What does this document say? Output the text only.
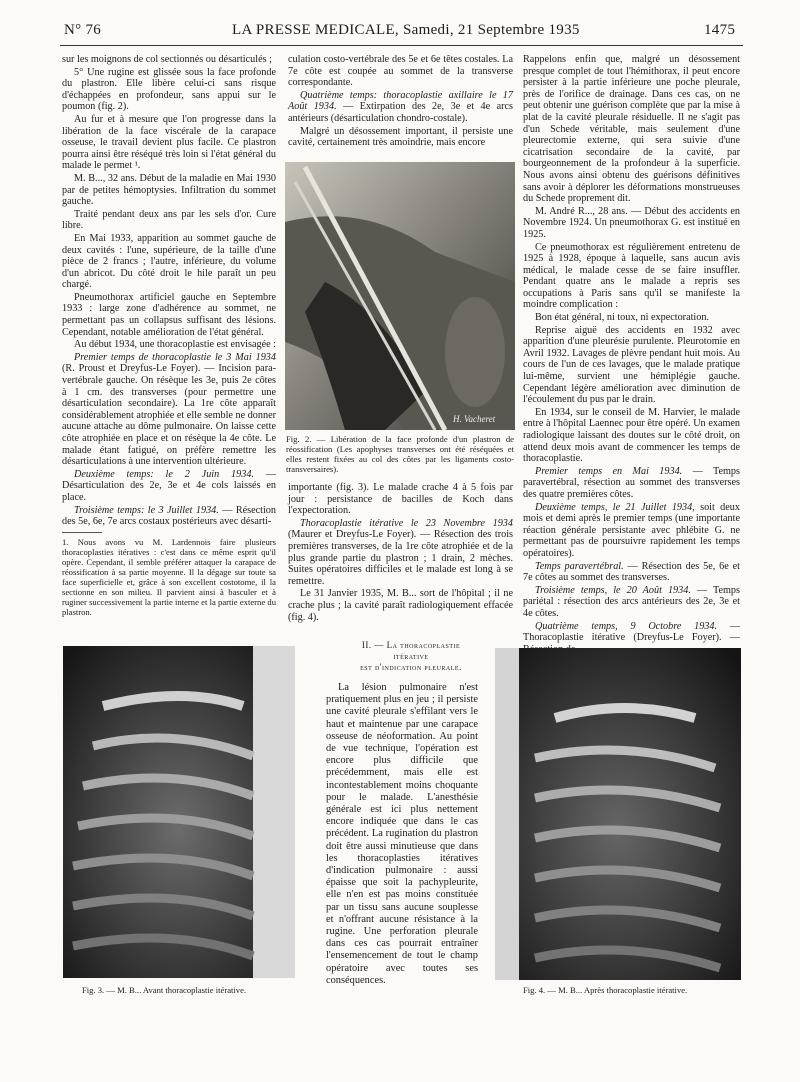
N° 76	LA PRESSE MEDICALE, Samedi, 21 Septembre 1935	1475

sur les moignons de col sectionnés ou désarticulés ;

5° Une rugine est glissée sous la face profonde du plastron. Elle libère celui-ci sans risque d'échappées en profondeur, sans appui sur le poumon (fig. 2).

Au fur et à mesure que l'on progresse dans la libération de la face viscérale de la carapace osseuse, le travail devient plus facile. Ce plastron pourra ainsi être réséqué très loin si l'état général du malade le permet ¹.

M. B..., 32 ans. Début de la maladie en Mai 1930 par de petites hémoptysies. Infiltration du sommet gauche.

Traité pendant deux ans par les sels d'or. Cure libre.

En Mai 1933, apparition au sommet gauche de deux cavités : l'une, supérieure, de la taille d'une pièce de 2 francs ; l'autre, inférieure, du volume d'un abricot. Du côté droit le hile paraît un peu chargé.

Pneumothorax artificiel gauche en Septembre 1933 : large zone d'adhérence au sommet, ne permettant pas un collapsus suffisant des lésions. Cependant, notable amélioration de l'état général.

Au début 1934, une thoracoplastie est envisagée :

Premier temps de thoracoplastie le 3 Mai 1934 (R. Proust et Dreyfus-Le Foyer). — Incision para-vertébrale gauche. On résèque les 3e, puis 2e côtes à 1 cm. des transverses (pour permettre une désarticulation secondaire). La 1re côte apparaît considérablement atrophiée et elle semble ne donner aucune attache au dôme pulmonaire. On laisse cette côte atrophiée en place et on résèque la 4e côte. Le malade étant fatigué, on préfère remettre les désarticulations à une intervention ultérieure.

Deuxième temps: le 2 Juin 1934. — Désarticulation des 2e, 3e et 4e cols laissés en place.

Troisième temps: le 3 Juillet 1934. — Résection des 5e, 6e, 7e arcs costaux postérieurs avec désarti-

1. Nous avons vu M. Lardennois faire plusieurs thoracoplasties itératives : c'est dans ce même esprit qu'il opère. Cependant, il semble préférer attaquer la carapace de réossification à sa partie moyenne. Il la dégage sur toute sa face superficielle et, grâce à son excellent costotome, il la sectionne en son milieu. Il parvient ainsi à basculer et à ruginer successivement la partie interne et la partie externe du plastron.

culation costo-vertébrale des 5e et 6e têtes costales. La 7e côte est coupée au sommet de la transverse correspondante.

Quatrième temps: thoracoplastie axillaire le 17 Août 1934. — Extirpation des 2e, 3e et 4e arcs antérieurs (désarticulation chondro-costale).

Malgré un désossement important, il persiste une cavité, certainement très amoindrie, mais encore

H. Vacheret
Fig. 2. — Libération de la face profonde d'un plastron de réossification (Les apophyses transverses ont été réséquées et elles restent fixées au col des côtes par les ligaments costo-transversaires).

importante (fig. 3). Le malade crache 4 à 5 fois par jour : persistance de bacilles de Koch dans l'expectoration.

Thoracoplastie itérative le 23 Novembre 1934 (Maurer et Dreyfus-Le Foyer). — Résection des trois premières transverses, de la 1re côte atrophiée et de la plus grande partie du plastron ; 1 drain, 2 mèches. Suites opératoires difficiles et le malade est long à se remettre.

Le 31 Janvier 1935, M. B... sort de l'hôpital ; il ne crache plus ; la cavité paraît radiologiquement effacée (fig. 4).

Rappelons enfin que, malgré un désossement presque complet de tout l'hémithorax, il peut encore persister à la partie inférieure une poche pleurale, près de l'orifice de drainage. Dans ces cas, on ne peut obtenir une guérison complète que par la mise à plat de la cavité pleurale résiduelle. Il ne s'agit pas d'un Schede véritable, mais seulement d'une pleurectomie externe, qui sera suivie d'une cicatrisation secondaire de la cavité, par bourgeonnement de la profondeur à la superficie. Nous avons ainsi obtenu des guérisons définitives sans avoir à déplorer les déformations monstrueuses du Schede proprement dit.

M. André R..., 28 ans. — Début des accidents en Novembre 1924. Un pneumothorax G. est institué en 1925.

Ce pneumothorax est régulièrement entretenu de 1925 à 1928, époque à laquelle, sans aucun avis médical, le malade cesse de se faire insuffler. Pendant quatre ans le malade a repris ses occupations à Paris sans qu'il se manifeste la moindre complication :

Bon état général, ni toux, ni expectoration.

Reprise aiguë des accidents en 1932 avec apparition d'une pleurésie purulente. Pleurotomie en Avril 1932. Lavages de plèvre pendant huit mois. Au cours de l'un de ces lavages, que le malade pratique lui-même, survient une hémiplégie gauche. Cependant légère amélioration avec diminution de l'écoulement du pus par le drain.

En 1934, sur le conseil de M. Harvier, le malade entre à l'hôpital Laennec pour être opéré. Un examen radiologique laissant des doutes sur le côté droit, on attend deux mois avant de commencer les temps de thoracoplastie.

Premier temps en Mai 1934. — Temps paravertébral, résection au sommet des transverses des quatre premières côtes.

Deuxième temps, le 21 Juillet 1934, soit deux mois et demi après le premier temps (une importante réaction générale persistante avec phlébite G. ne permettant pas de poursuivre rapidement les temps opératoires).

Temps paravertébral. — Résection des 5e, 6e et 7e côtes au sommet des transverses.

Troisième temps, le 20 Août 1934. — Temps pariétal : résection des arcs antérieurs des 2e, 3e et 4e côtes.

Quatrième temps, 9 Octobre 1934. — Thoracoplastie itérative (Dreyfus-Le Foyer). —

Fig. 3. — M. B... Avant thoracoplastie itérative.
II. — La thoracoplastie
itérative
est d'indication pleurale.

La lésion pulmonaire n'est pratiquement plus en jeu ; il persiste une cavité pleurale s'effilant vers le haut et maintenue par une carapace osseuse de néoformation. Au point de vue technique, l'opération est encore plus difficile que précédemment, mais elle est incontestablement moins choquante pour le malade. L'anesthésie générale est ici plus nettement encore indiquée que dans le cas précédent. La rugination du plastron doit être aussi minutieuse que dans les thoracoplasties itératives d'indication pulmonaire : aussi épaisse que soit la pachypleurite, elle n'en est pas moins constituée par un tissu sans aucune souplesse et n'offrant aucune résistance à la rugine. Une perforation pleurale dans ces cas pourrait entraîner l'ensemencement de tout le champ opératoire avec toutes ses conséquences.

Fig. 4. — M. B... Après thoracoplastie itérative.
